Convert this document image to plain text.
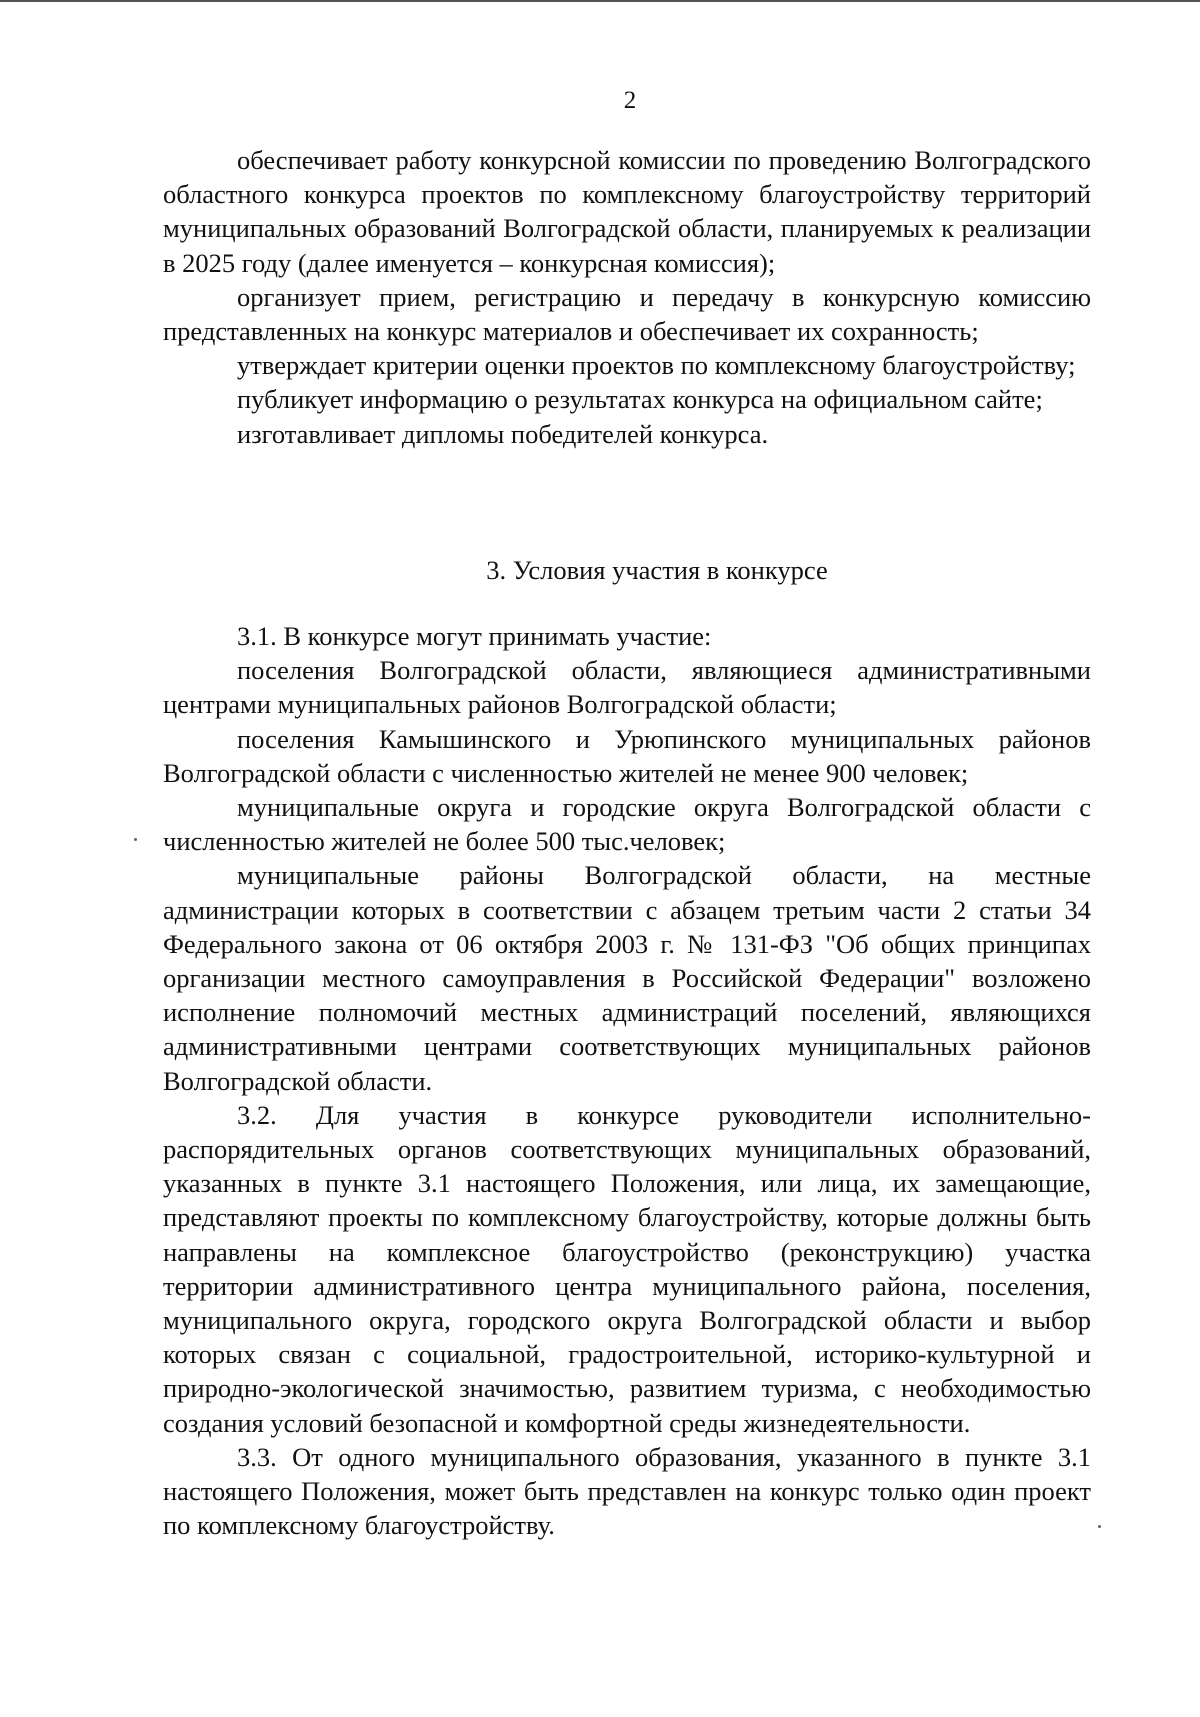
2

обеспечивает работу конкурсной комиссии по проведению Волгоградского областного конкурса проектов по комплексному благоустройству территорий муниципальных образований Волгоградской области, планируемых к реализации в 2025 году (далее именуется – конкурсная комиссия);

организует прием, регистрацию и передачу в конкурсную комиссию представленных на конкурс материалов и обеспечивает их сохранность;

утверждает критерии оценки проектов по комплексному благоустройству;

публикует информацию о результатах конкурса на официальном сайте;

изготавливает дипломы победителей конкурса.

3. Условия участия в конкурсе

3.1. В конкурсе могут принимать участие:

поселения Волгоградской области, являющиеся административными центрами муниципальных районов Волгоградской области;

поселения Камышинского и Урюпинского муниципальных районов Волгоградской области с численностью жителей не менее 900 человек;

муниципальные округа и городские округа Волгоградской области с численностью жителей не более 500 тыс.человек;

муниципальные районы Волгоградской области, на местные администрации которых в соответствии с абзацем третьим части 2 статьи 34 Федерального закона от 06 октября 2003 г. № 131-ФЗ "Об общих принципах организации местного самоуправления в Российской Федерации" возложено исполнение полномочий местных администраций поселений, являющихся административными центрами соответствующих муниципальных районов Волгоградской области.

3.2. Для участия в конкурсе руководители исполнительно-распорядительных органов соответствующих муниципальных образований, указанных в пункте 3.1 настоящего Положения, или лица, их замещающие, представляют проекты по комплексному благоустройству, которые должны быть направлены на комплексное благоустройство (реконструкцию) участка территории административного центра муниципального района, поселения, муниципального округа, городского округа Волгоградской области и выбор которых связан с социальной, градостроительной, историко-культурной и природно-экологической значимостью, развитием туризма, с необходимостью создания условий безопасной и комфортной среды жизнедеятельности.

3.3. От одного муниципального образования, указанного в пункте 3.1 настоящего Положения, может быть представлен на конкурс только один проект по комплексному благоустройству.
